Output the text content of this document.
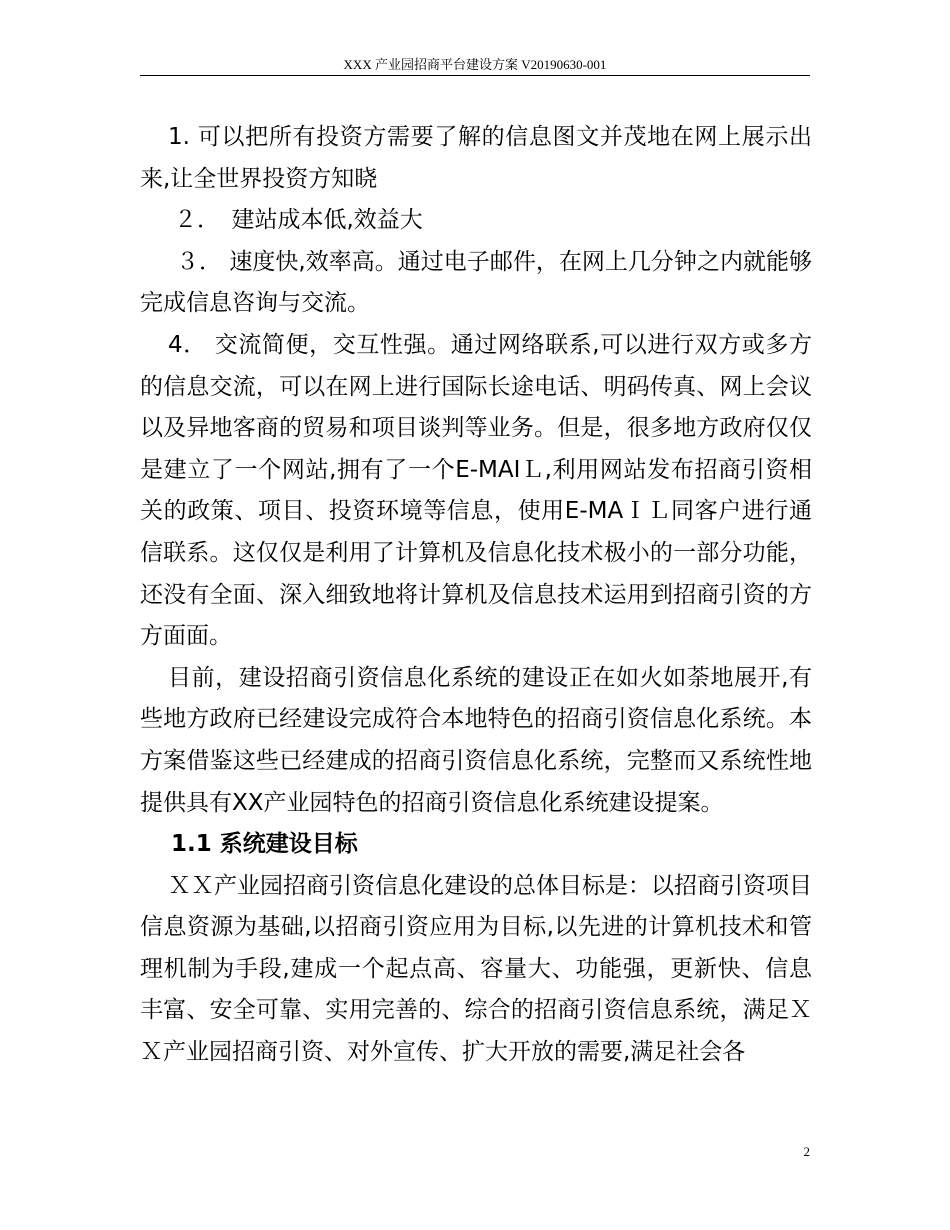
XXX 产业园招商平台建设方案 V20190630-001

1. 可以把所有投资方需要了解的信息图文并茂地在网上展示出来,让全世界投资方知晓

２．　建站成本低,效益大

３． 速度快,效率高。通过电子邮件，在网上几分钟之内就能够完成信息咨询与交流。

4． 交流简便，交互性强。通过网络联系,可以进行双方或多方的信息交流，可以在网上进行国际长途电话、明码传真、网上会议以及异地客商的贸易和项目谈判等业务。但是，很多地方政府仅仅是建立了一个网站,拥有了一个E-MAIＬ,利用网站发布招商引资相关的政策、项目、投资环境等信息，使用E-MAＩＬ同客户进行通信联系。这仅仅是利用了计算机及信息化技术极小的一部分功能，还没有全面、深入细致地将计算机及信息技术运用到招商引资的方方面面。

目前，建设招商引资信息化系统的建设正在如火如荼地展开,有些地方政府已经建设完成符合本地特色的招商引资信息化系统。本方案借鉴这些已经建成的招商引资信息化系统，完整而又系统性地提供具有XX产业园特色的招商引资信息化系统建设提案。

1.1 系统建设目标

ＸＸ产业园招商引资信息化建设的总体目标是：以招商引资项目信息资源为基础,以招商引资应用为目标,以先进的计算机技术和管理机制为手段,建成一个起点高、容量大、功能强，更新快、信息丰富、安全可靠、实用完善的、综合的招商引资信息系统，满足ＸＸ产业园招商引资、对外宣传、扩大开放的需要,满足社会各

2
